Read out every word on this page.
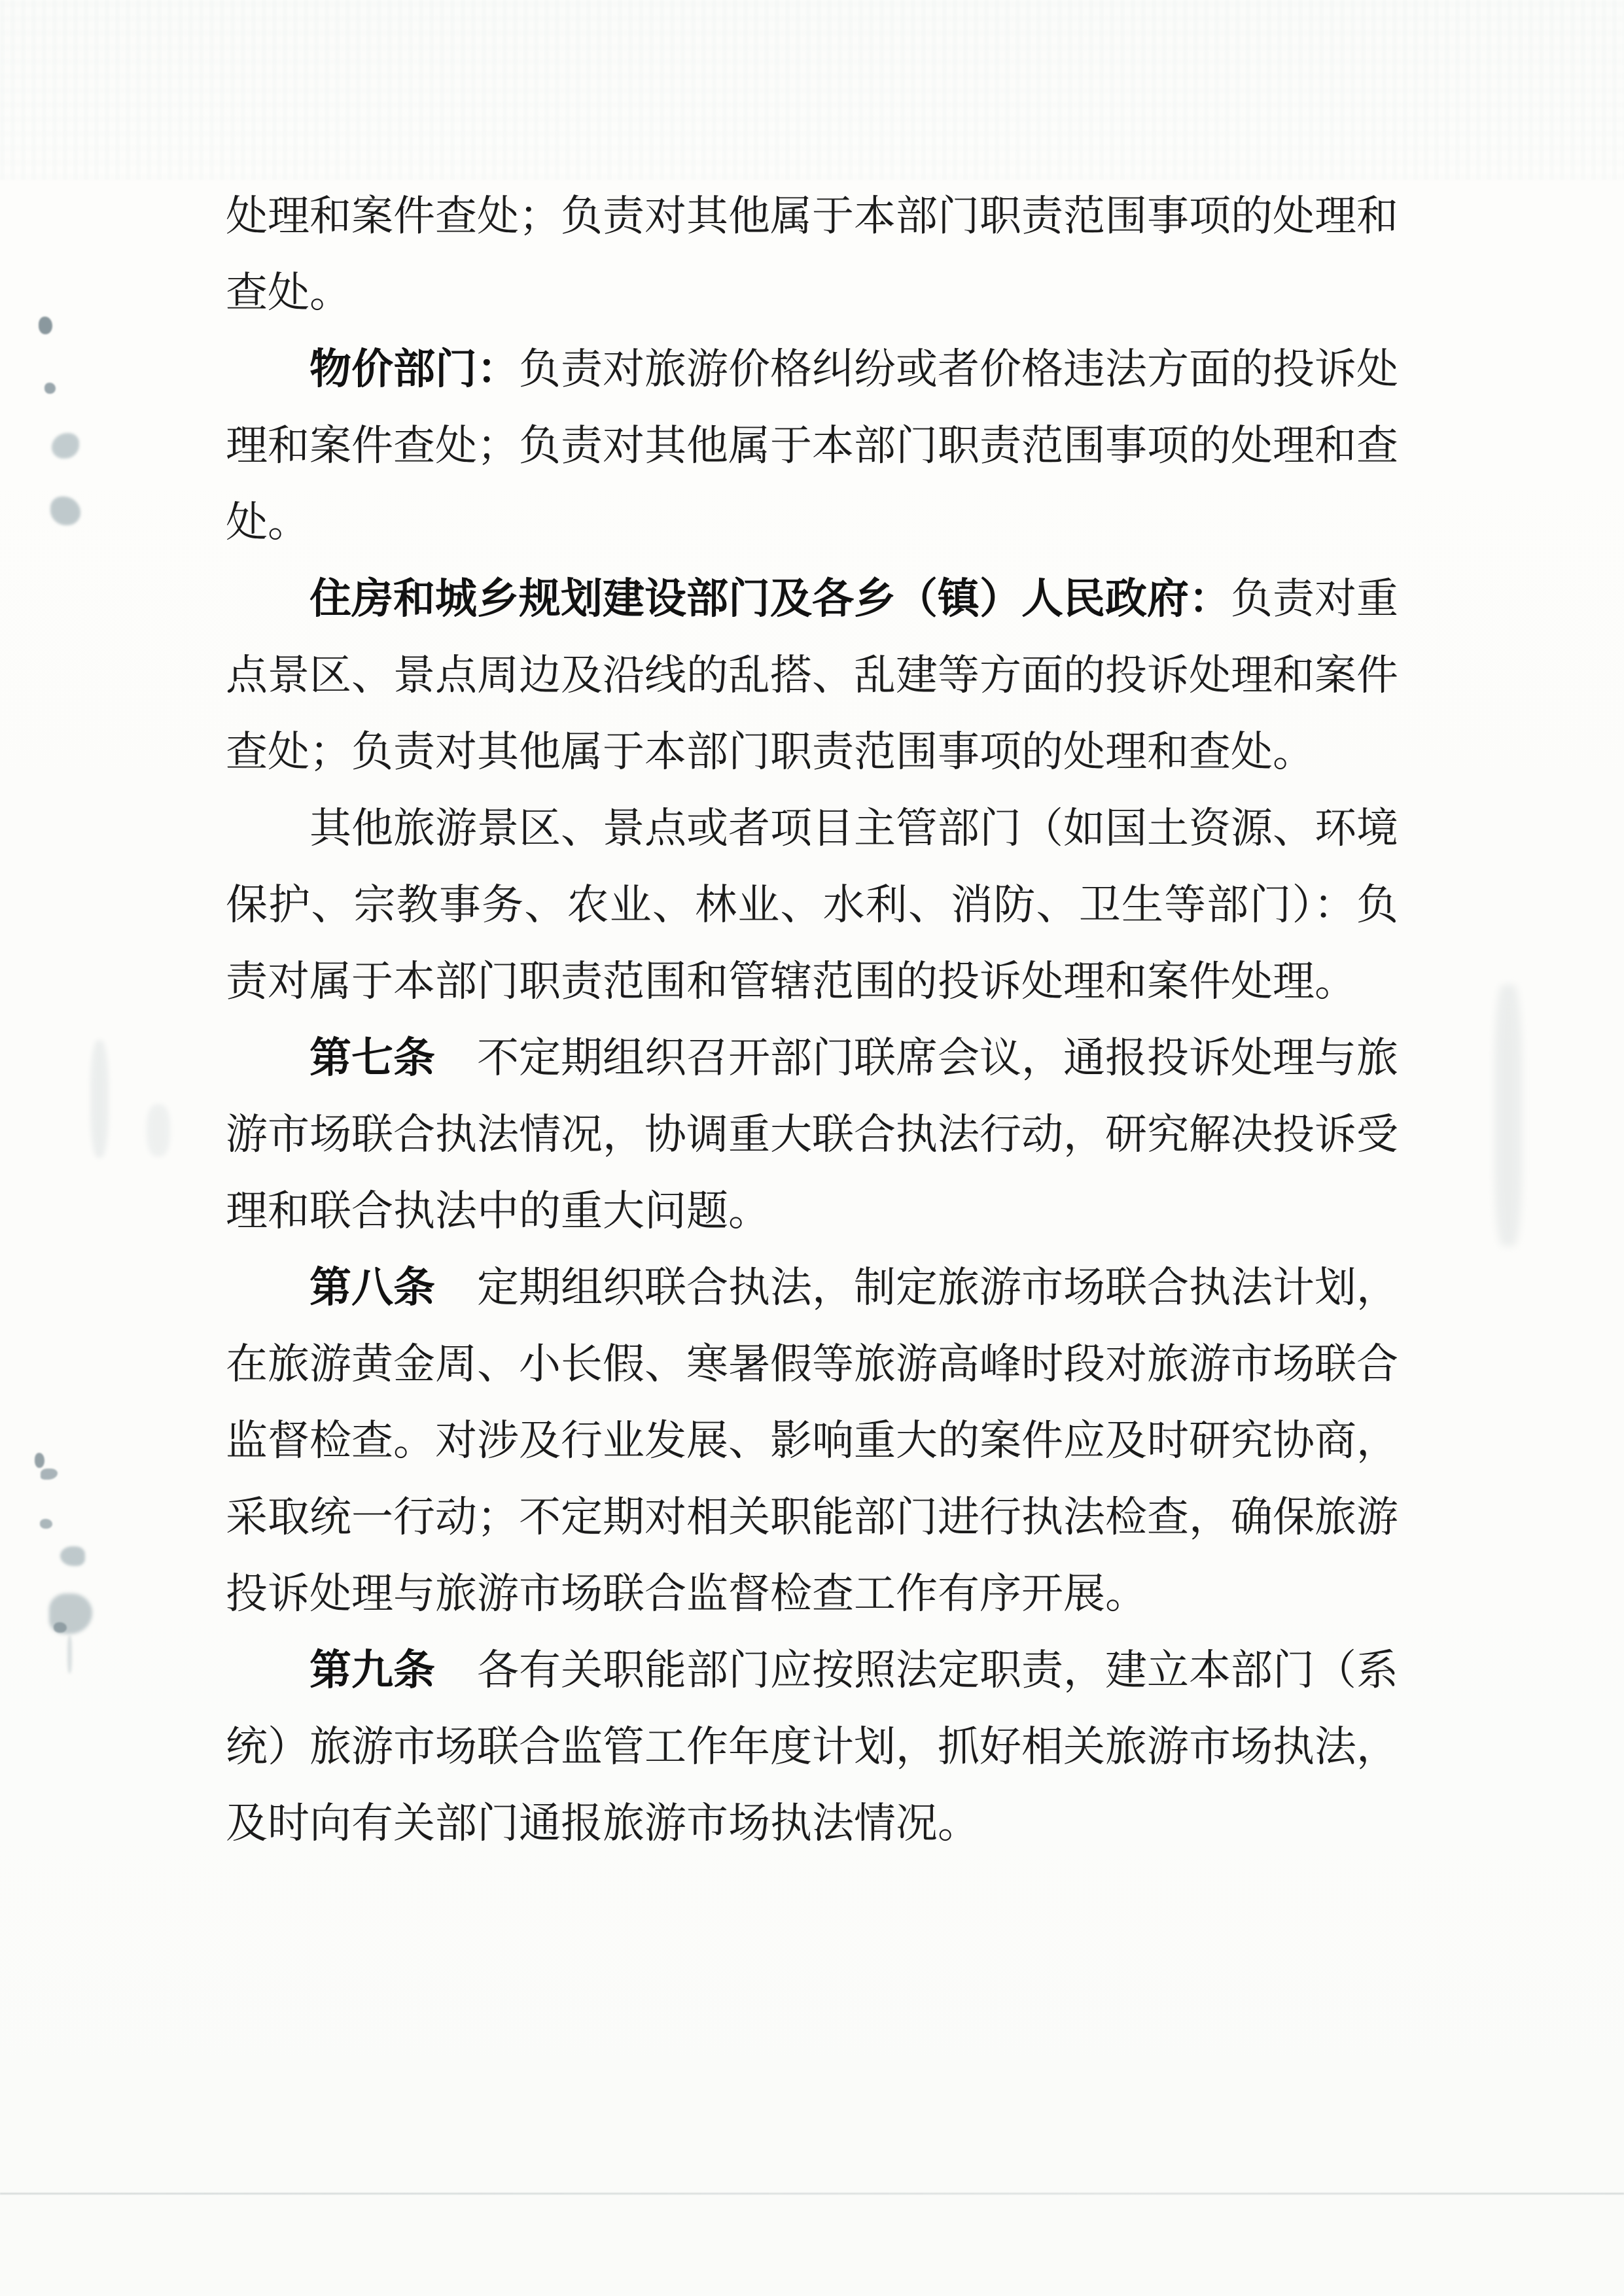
处理和案件查处；负责对其他属于本部门职责范围事项的处理和查处。

物价部门：负责对旅游价格纠纷或者价格违法方面的投诉处理和案件查处；负责对其他属于本部门职责范围事项的处理和查处。

住房和城乡规划建设部门及各乡（镇）人民政府：负责对重点景区、景点周边及沿线的乱搭、乱建等方面的投诉处理和案件查处；负责对其他属于本部门职责范围事项的处理和查处。

其他旅游景区、景点或者项目主管部门（如国土资源、环境保护、宗教事务、农业、林业、水利、消防、卫生等部门）：负责对属于本部门职责范围和管辖范围的投诉处理和案件处理。

第七条　不定期组织召开部门联席会议，通报投诉处理与旅游市场联合执法情况，协调重大联合执法行动，研究解决投诉受理和联合执法中的重大问题。

第八条　定期组织联合执法，制定旅游市场联合执法计划，在旅游黄金周、小长假、寒暑假等旅游高峰时段对旅游市场联合监督检查。对涉及行业发展、影响重大的案件应及时研究协商，采取统一行动；不定期对相关职能部门进行执法检查，确保旅游投诉处理与旅游市场联合监督检查工作有序开展。

第九条　各有关职能部门应按照法定职责，建立本部门（系统）旅游市场联合监管工作年度计划，抓好相关旅游市场执法，及时向有关部门通报旅游市场执法情况。
